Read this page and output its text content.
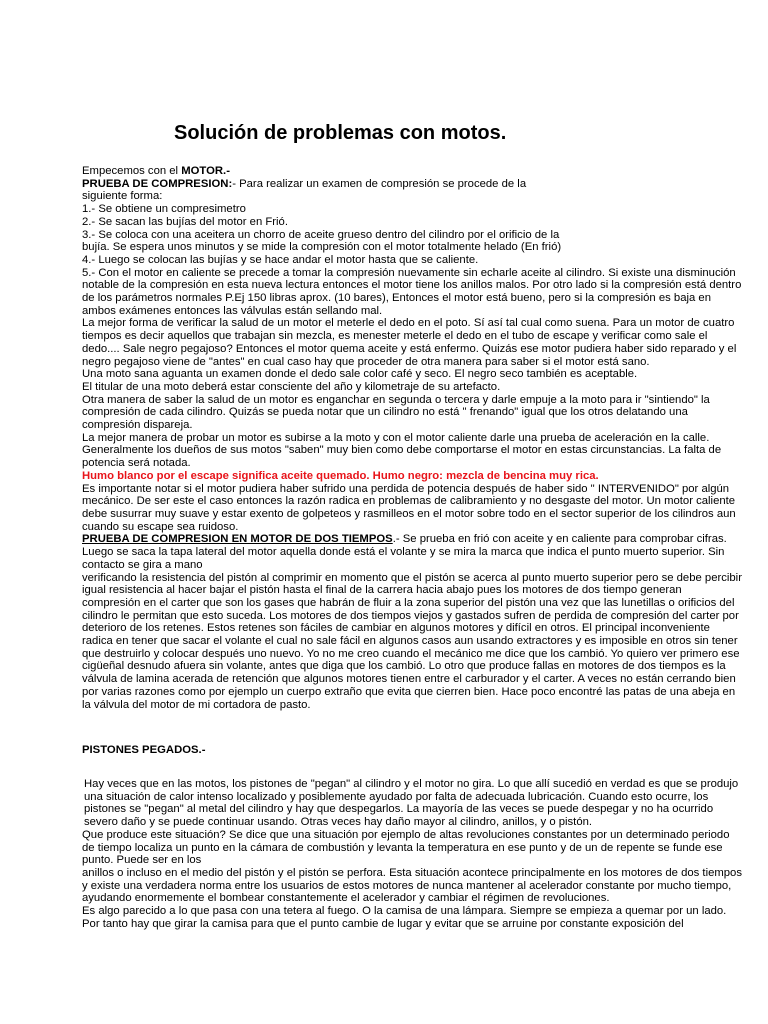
Solución de problemas con motos.

Empecemos con el MOTOR.-

PRUEBA DE COMPRESION:- Para realizar un examen de compresión se procede de la

siguiente forma:

1.- Se obtiene un compresimetro

2.- Se sacan las bujías del motor en Frió.

3.- Se coloca con una aceitera un chorro de aceite grueso dentro del cilindro por el orificio de la

bujía. Se espera unos minutos y se mide la compresión con el motor totalmente helado (En frió)

4.- Luego se colocan las bujías y se hace andar el motor hasta que se caliente.

5.- Con el motor en caliente se precede a tomar la compresión nuevamente sin echarle aceite al cilindro. Si existe una disminución notable de la compresión en esta nueva lectura entonces el motor tiene los anillos malos. Por otro lado si la compresión está dentro de los parámetros normales P.Ej 150 libras aprox. (10 bares), Entonces el motor está bueno, pero si la compresión es baja en ambos exámenes entonces las válvulas están sellando mal.

La mejor forma de verificar la salud de un motor el meterle el dedo en el poto. Sí así tal cual como suena. Para un motor de cuatro tiempos es decir aquellos que trabajan sin mezcla, es menester meterle el dedo en el tubo de escape y verificar como sale el dedo.... Sale negro pegajoso? Entonces el motor quema aceite y está enfermo. Quizás ese motor pudiera haber sido reparado y el negro pegajoso viene de "antes" en cual caso hay que proceder de otra manera para saber si el motor está sano.

Una moto sana aguanta un examen donde el dedo sale color café y seco. El negro seco también es aceptable.

El titular de una moto deberá estar consciente del año y kilometraje de su artefacto.

Otra manera de saber la salud de un motor es enganchar en segunda o tercera y darle empuje a la moto para ir "sintiendo" la compresión de cada cilindro. Quizás se pueda notar que un cilindro no está " frenando" igual que los otros delatando una compresión dispareja.

La mejor manera de probar un motor es subirse a la moto y con el motor caliente darle una prueba de aceleración en la calle. Generalmente los dueños de sus motos "saben" muy bien como debe comportarse el motor en estas circunstancias. La falta de potencia será notada.

Humo blanco por el escape significa aceite quemado. Humo negro: mezcla de bencina muy rica.

Es importante notar si el motor pudiera haber sufrido una perdida de potencia después de haber sido " INTERVENIDO" por algún mecánico. De ser este el caso entonces la razón radica en problemas de calibramiento y no desgaste del motor. Un motor caliente debe susurrar muy suave y estar exento de golpeteos y rasmilleos en el motor sobre todo en el sector superior de los cilindros aun cuando su escape sea ruidoso.

PRUEBA DE COMPRESION EN MOTOR DE DOS TIEMPOS.- Se prueba en frió con aceite y en caliente para comprobar cifras. Luego se saca la tapa lateral del motor aquella donde está el volante y se mira la marca que indica el punto muerto superior. Sin contacto se gira a mano

verificando la resistencia del pistón al comprimir en momento que el pistón se acerca al punto muerto superior pero se debe percibir igual resistencia al hacer bajar el pistón hasta el final de la carrera hacia abajo pues los motores de dos tiempo generan compresión en el carter que son los gases que habrán de fluir a la zona superior del pistón una vez que las lunetillas o orificios del cilindro le permitan que esto suceda. Los motores de dos tiempos viejos y gastados sufren de perdida de compresión del carter por deterioro de los retenes. Estos retenes son fáciles de cambiar en algunos motores y difícil en otros. El principal inconveniente radica en tener que sacar el volante el cual no sale fácil en algunos casos aun usando extractores y es imposible en otros sin tener que destruirlo y colocar después uno nuevo. Yo no me creo cuando el mecánico me dice que los cambió. Yo quiero ver primero ese cigüeñal desnudo afuera sin volante, antes que diga que los cambió. Lo otro que produce fallas en motores de dos tiempos es la válvula de lamina acerada de retención que algunos motores tienen entre el carburador y el carter. A veces no están cerrando bien por varias razones como por ejemplo un cuerpo extraño que evita que cierren bien. Hace poco encontré las patas de una abeja en la válvula del motor de mi cortadora de pasto.

PISTONES PEGADOS.-

Hay veces que en las motos, los pistones de "pegan" al cilindro y el motor no gira. Lo que allí sucedió en verdad es que se produjo una situación de calor intenso localizado y posiblemente ayudado por falta de adecuada lubricación. Cuando esto ocurre, los pistones se "pegan" al metal del cilindro y hay que despegarlos. La mayoría de las veces se puede despegar y no ha ocurrido severo daño y se puede continuar usando. Otras veces hay daño mayor al cilindro, anillos, y o pistón.

Que produce este situación? Se dice que una situación por ejemplo de altas revoluciones constantes por un determinado periodo de tiempo localiza un punto en la cámara de combustión y levanta la temperatura en ese punto y de un de repente se funde ese punto. Puede ser en los

anillos o incluso en el medio del pistón y el pistón se perfora. Esta situación acontece principalmente en los motores de dos tiempos y existe una verdadera norma entre los usuarios de estos motores de nunca mantener al acelerador constante por mucho tiempo, ayudando enormemente el bombear constantemente el acelerador y cambiar el régimen de revoluciones.

Es algo parecido a lo que pasa con una tetera al fuego. O la camisa de una lámpara. Siempre se empieza a quemar por un lado. Por tanto hay que girar la camisa para que el punto cambie de lugar y evitar que se arruine por constante exposición del
